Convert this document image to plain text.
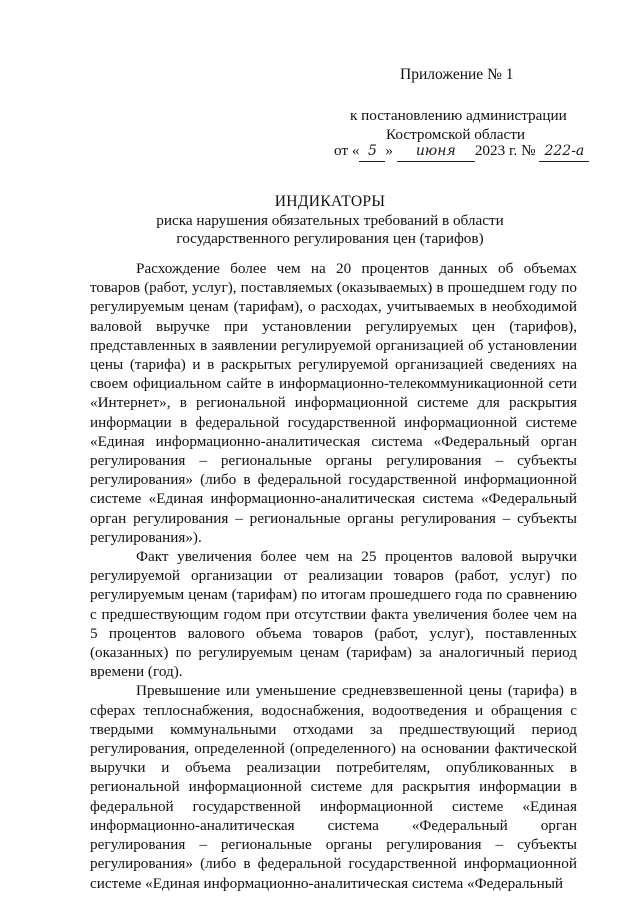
Приложение № 1
к постановлению администрации
Костромской области
от « 5 » июня 2023 г. № 222-а
ИНДИКАТОРЫ
риска нарушения обязательных требований в области
государственного регулирования цен (тарифов)

Расхождение более чем на 20 процентов данных об объемах товаров (работ, услуг), поставляемых (оказываемых) в прошедшем году по регулируемым ценам (тарифам), о расходах, учитываемых в необходимой валовой выручке при установлении регулируемых цен (тарифов), представленных в заявлении регулируемой организацией об установлении цены (тарифа) и в раскрытых регулируемой организацией сведениях на своем официальном сайте в информационно-телекоммуникационной сети «Интернет», в региональной информационной системе для раскрытия информации в федеральной государственной информационной системе «Единая информационно-аналитическая система «Федеральный орган регулирования – региональные органы регулирования – субъекты регулирования» (либо в федеральной государственной информационной системе «Единая информационно-аналитическая система «Федеральный орган регулирования – региональные органы регулирования – субъекты регулирования»).

Факт увеличения более чем на 25 процентов валовой выручки регулируемой организации от реализации товаров (работ, услуг) по регулируемым ценам (тарифам) по итогам прошедшего года по сравнению с предшествующим годом при отсутствии факта увеличения более чем на 5 процентов валового объема товаров (работ, услуг), поставленных (оказанных) по регулируемым ценам (тарифам) за аналогичный период времени (год).

Превышение или уменьшение средневзвешенной цены (тарифа) в сферах теплоснабжения, водоснабжения, водоотведения и обращения с твердыми коммунальными отходами за предшествующий период регулирования, определенной (определенного) на основании фактической выручки и объема реализации потребителям, опубликованных в региональной информационной системе для раскрытия информации в федеральной государственной информационной системе «Единая информационно-аналитическая система «Федеральный орган регулирования – региональные органы регулирования – субъекты регулирования» (либо в федеральной государственной информационной системе «Единая информационно-аналитическая система «Федеральный
